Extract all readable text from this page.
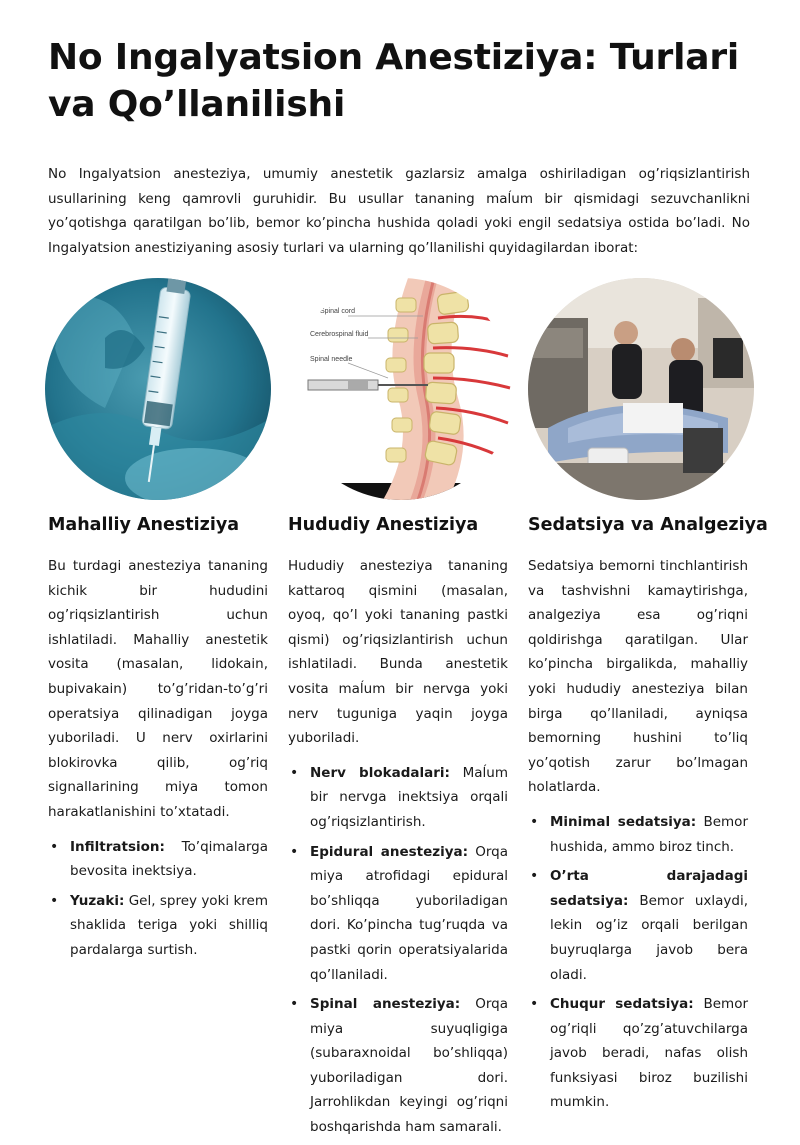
No Ingalyatsion Anestiziya: Turlari va Qo’llanilishi

No Ingalyatsion anesteziya, umumiy anestetik gazlarsiz amalga oshiriladigan og’riqsizlantirish usullarining keng qamrovli guruhidir. Bu usullar tananing maĺum bir qismidagi sezuvchanlikni yo’qotishga qaratilgan bo’lib, bemor ko’pincha hushida qoladi yoki engil sedatsiya ostida bo’ladi. No Ingalyatsion anestiziyaning asosiy turlari va ularning qo’llanilishi quyidagilardan iborat:

Spinal cord
Cerebrospinal fluid
Spinal needle
Mahalliy Anestiziya

Bu turdagi anesteziya tananing kichik bir hududini og’riqsizlantirish uchun ishlatiladi. Mahalliy anestetik vosita (masalan, lidokain, bupivakain) to’g’ridan-to’g’ri operatsiya qilinadigan joyga yuboriladi. U nerv oxirlarini blokirovka qilib, og’riq signallarining miya tomon harakatlanishini to’xtatadi.

• Infiltratsion: To’qimalarga bevosita inektsiya.
• Yuzaki: Gel, sprey yoki krem shaklida teriga yoki shilliq pardalarga surtish.
Hududiy Anestiziya

Hududiy anesteziya tananing kattaroq qismini (masalan, oyoq, qo’l yoki tananing pastki qismi) og’riqsizlantirish uchun ishlatiladi. Bunda anestetik vosita maĺum bir nervga yoki nerv tuguniga yaqin joyga yuboriladi.

• Nerv blokadalari: Maĺum bir nervga inektsiya orqali og’riqsizlantirish.
• Epidural anesteziya: Orqa miya atrofidagi epidural bo’shliqqa yuboriladigan dori. Ko’pincha tug’ruqda va pastki qorin operatsiyalarida qo’llaniladi.
• Spinal anesteziya: Orqa miya suyuqligiga (subaraxnoidal bo’shliqqa) yuboriladigan dori. Jarrohlikdan keyingi og’riqni boshqarishda ham samarali.
Sedatsiya va Analgeziya

Sedatsiya bemorni tinchlantirish va tashvishni kamaytirishga, analgeziya esa og’riqni qoldirishga qaratilgan. Ular ko’pincha birgalikda, mahalliy yoki hududiy anesteziya bilan birga qo’llaniladi, ayniqsa bemorning hushini to’liq yo’qotish zarur bo’lmagan holatlarda.

• Minimal sedatsiya: Bemor hushida, ammo biroz tinch.
• O’rta darajadagi sedatsiya: Bemor uxlaydi, lekin og’iz orqali berilgan buyruqlarga javob bera oladi.
• Chuqur sedatsiya: Bemor og’riqli qo’zg’atuvchilarga javob beradi, nafas olish funksiyasi biroz buzilishi mumkin.
